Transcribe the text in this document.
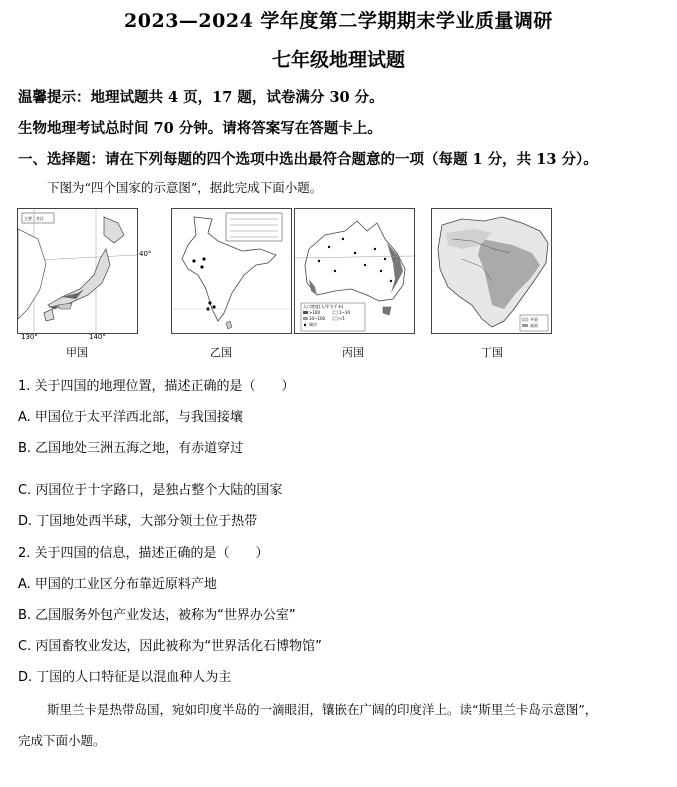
2023—2024 学年度第二学期期末学业质量调研
七年级地理试题
温馨提示：地理试题共 4 页，17 题，试卷满分 30 分。
生物地理考试总时间 70 分钟。请将答案写在答题卡上。
一、选择题：请在下列每题的四个选项中选出最符合题意的一项（每题 1 分，共 13 分）。
下图为“四个国家的示意图”，据此完成下面小题。
主要工业区
甲国
130°	140°
40°
乙国
人口密度(人/平方千米)
>100	1~10
10~100	<1
城市
丙国
平原
高原
丁国
1. 关于四国的地理位置，描述正确的是（　　）
A. 甲国位于太平洋西北部，与我国接壤
B. 乙国地处三洲五海之地，有赤道穿过
C. 丙国位于十字路口，是独占整个大陆的国家
D. 丁国地处西半球，大部分领土位于热带
2. 关于四国的信息，描述正确的是（　　）
A. 甲国的工业区分布靠近原料产地
B. 乙国服务外包产业发达，被称为“世界办公室”
C. 丙国畜牧业发达，因此被称为“世界活化石博物馆”
D. 丁国的人口特征是以混血种人为主
斯里兰卡是热带岛国，宛如印度半岛的一滴眼泪，镶嵌在广阔的印度洋上。读“斯里兰卡岛示意图”，
完成下面小题。
